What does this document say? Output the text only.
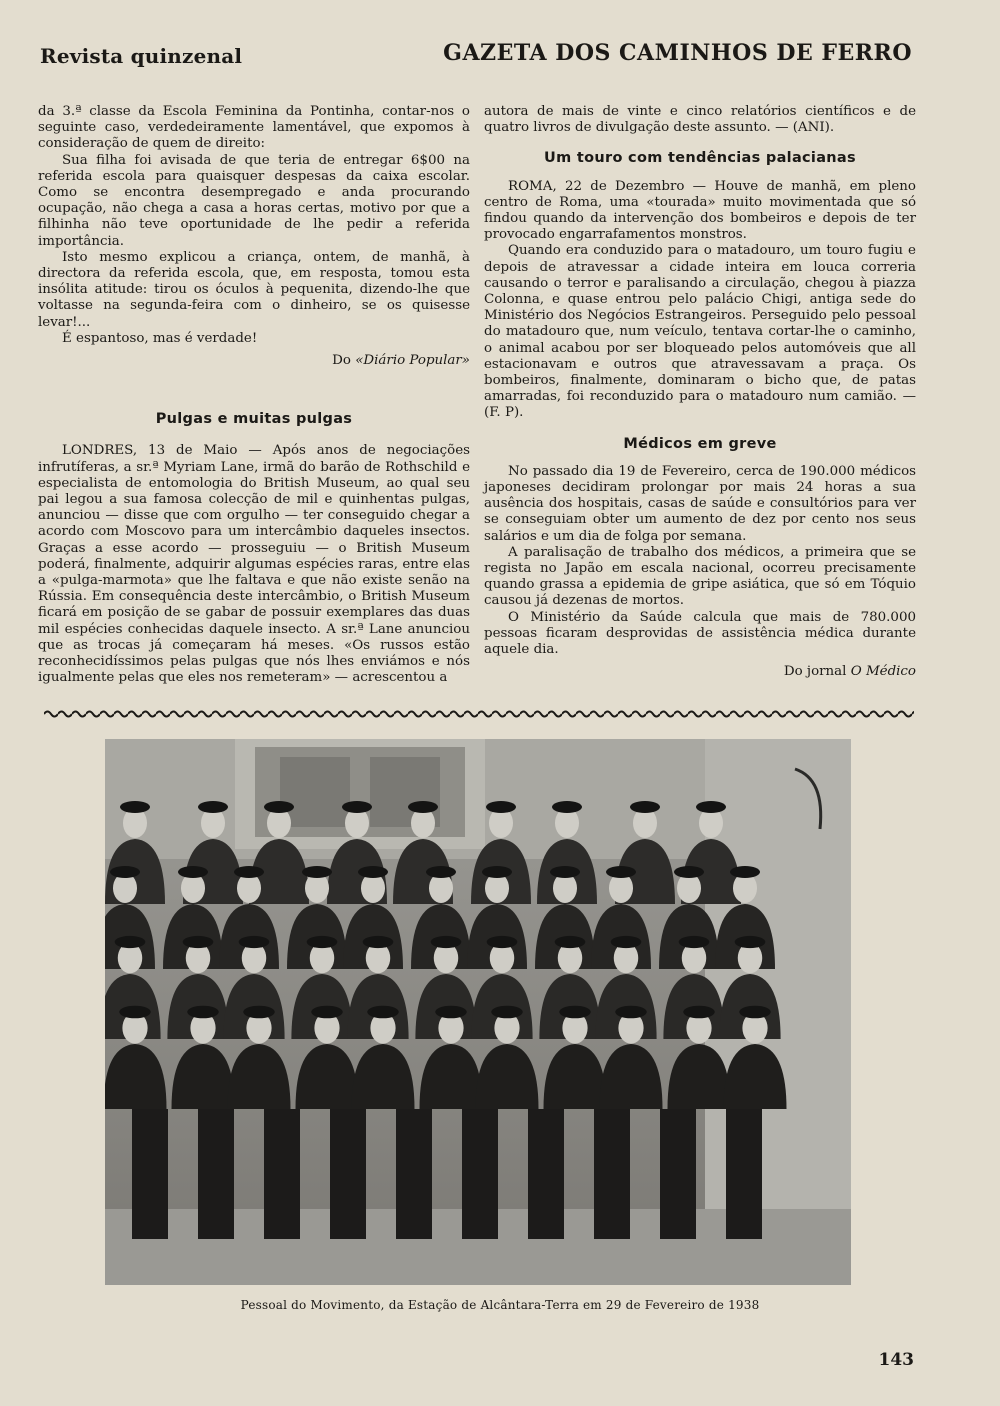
Revista quinzenal	GAZETA DOS CAMINHOS DE FERRO

da 3.ª classe da Escola Feminina da Pontinha, contar-nos o seguinte caso, verdedeiramente lamentável, que expomos à consideração de quem de direito:

Sua filha foi avisada de que teria de entregar 6$00 na referida escola para quaisquer despesas da caixa escolar. Como se encontra desempregado e anda procurando ocupação, não chega a casa a horas certas, motivo por que a filhinha não teve oportunidade de lhe pedir a referida importância.

Isto mesmo explicou a criança, ontem, de manhã, à directora da referida escola, que, em resposta, tomou esta insólita atitude: tirou os óculos à pequenita, dizendo-lhe que voltasse na segunda-feira com o dinheiro, se os quisesse levar!...

É espantoso, mas é verdade!

Do «Diário Popular»

Pulgas e muitas pulgas

LONDRES, 13 de Maio — Após anos de negociações infrutíferas, a sr.ª Myriam Lane, irmã do barão de Rothschild e especialista de entomologia do British Museum, ao qual seu pai legou a sua famosa colecção de mil e quinhentas pulgas, anunciou — disse que com orgulho — ter conseguido chegar a acordo com Moscovo para um intercâmbio daqueles insectos. Graças a esse acordo — prosseguiu — o British Museum poderá, finalmente, adquirir algumas espécies raras, entre elas a «pulga-marmota» que lhe faltava e que não existe senão na Rússia. Em consequência deste intercâmbio, o British Museum ficará em posição de se gabar de possuir exemplares das duas mil espécies conhecidas daquele insecto. A sr.ª Lane anunciou que as trocas já começaram há meses. «Os russos estão reconhecidíssimos pelas pulgas que nós lhes enviámos e nós igualmente pelas que eles nos remeteram» — acrescentou a

autora de mais de vinte e cinco relatórios científicos e de quatro livros de divulgação deste assunto. — (ANI).

Um touro com tendências palacianas

ROMA, 22 de Dezembro — Houve de manhã, em pleno centro de Roma, uma «tourada» muito movimentada que só findou quando da intervenção dos bombeiros e depois de ter provocado engarrafamentos monstros.

Quando era conduzido para o matadouro, um touro fugiu e depois de atravessar a cidade inteira em louca correria causando o terror e paralisando a circulação, chegou à piazza Colonna, e quase entrou pelo palácio Chigi, antiga sede do Ministério dos Negócios Estrangeiros. Perseguido pelo pessoal do matadouro que, num veículo, tentava cortar-lhe o caminho, o animal acabou por ser bloqueado pelos automóveis que all estacionavam e outros que atravessavam a praça. Os bombeiros, finalmente, dominaram o bicho que, de patas amarradas, foi reconduzido para o matadouro num camião. — (F. P).

Médicos em greve

No passado dia 19 de Fevereiro, cerca de 190.000 médicos japoneses decidiram prolongar por mais 24 horas a sua ausência dos hospitais, casas de saúde e consultórios para ver se conseguiam obter um aumento de dez por cento nos seus salários e um dia de folga por semana.

A paralisação de trabalho dos médicos, a primeira que se regista no Japão em escala nacional, ocorreu precisamente quando grassa a epidemia de gripe asiática, que só em Tóquio causou já dezenas de mortos.

O Ministério da Saúde calcula que mais de 780.000 pessoas ficaram desprovidas de assistência médica durante aquele dia.

Do jornal O Médico

Pessoal do Movimento, da Estação de Alcântara-Terra em 29 de Fevereiro de 1938
143
